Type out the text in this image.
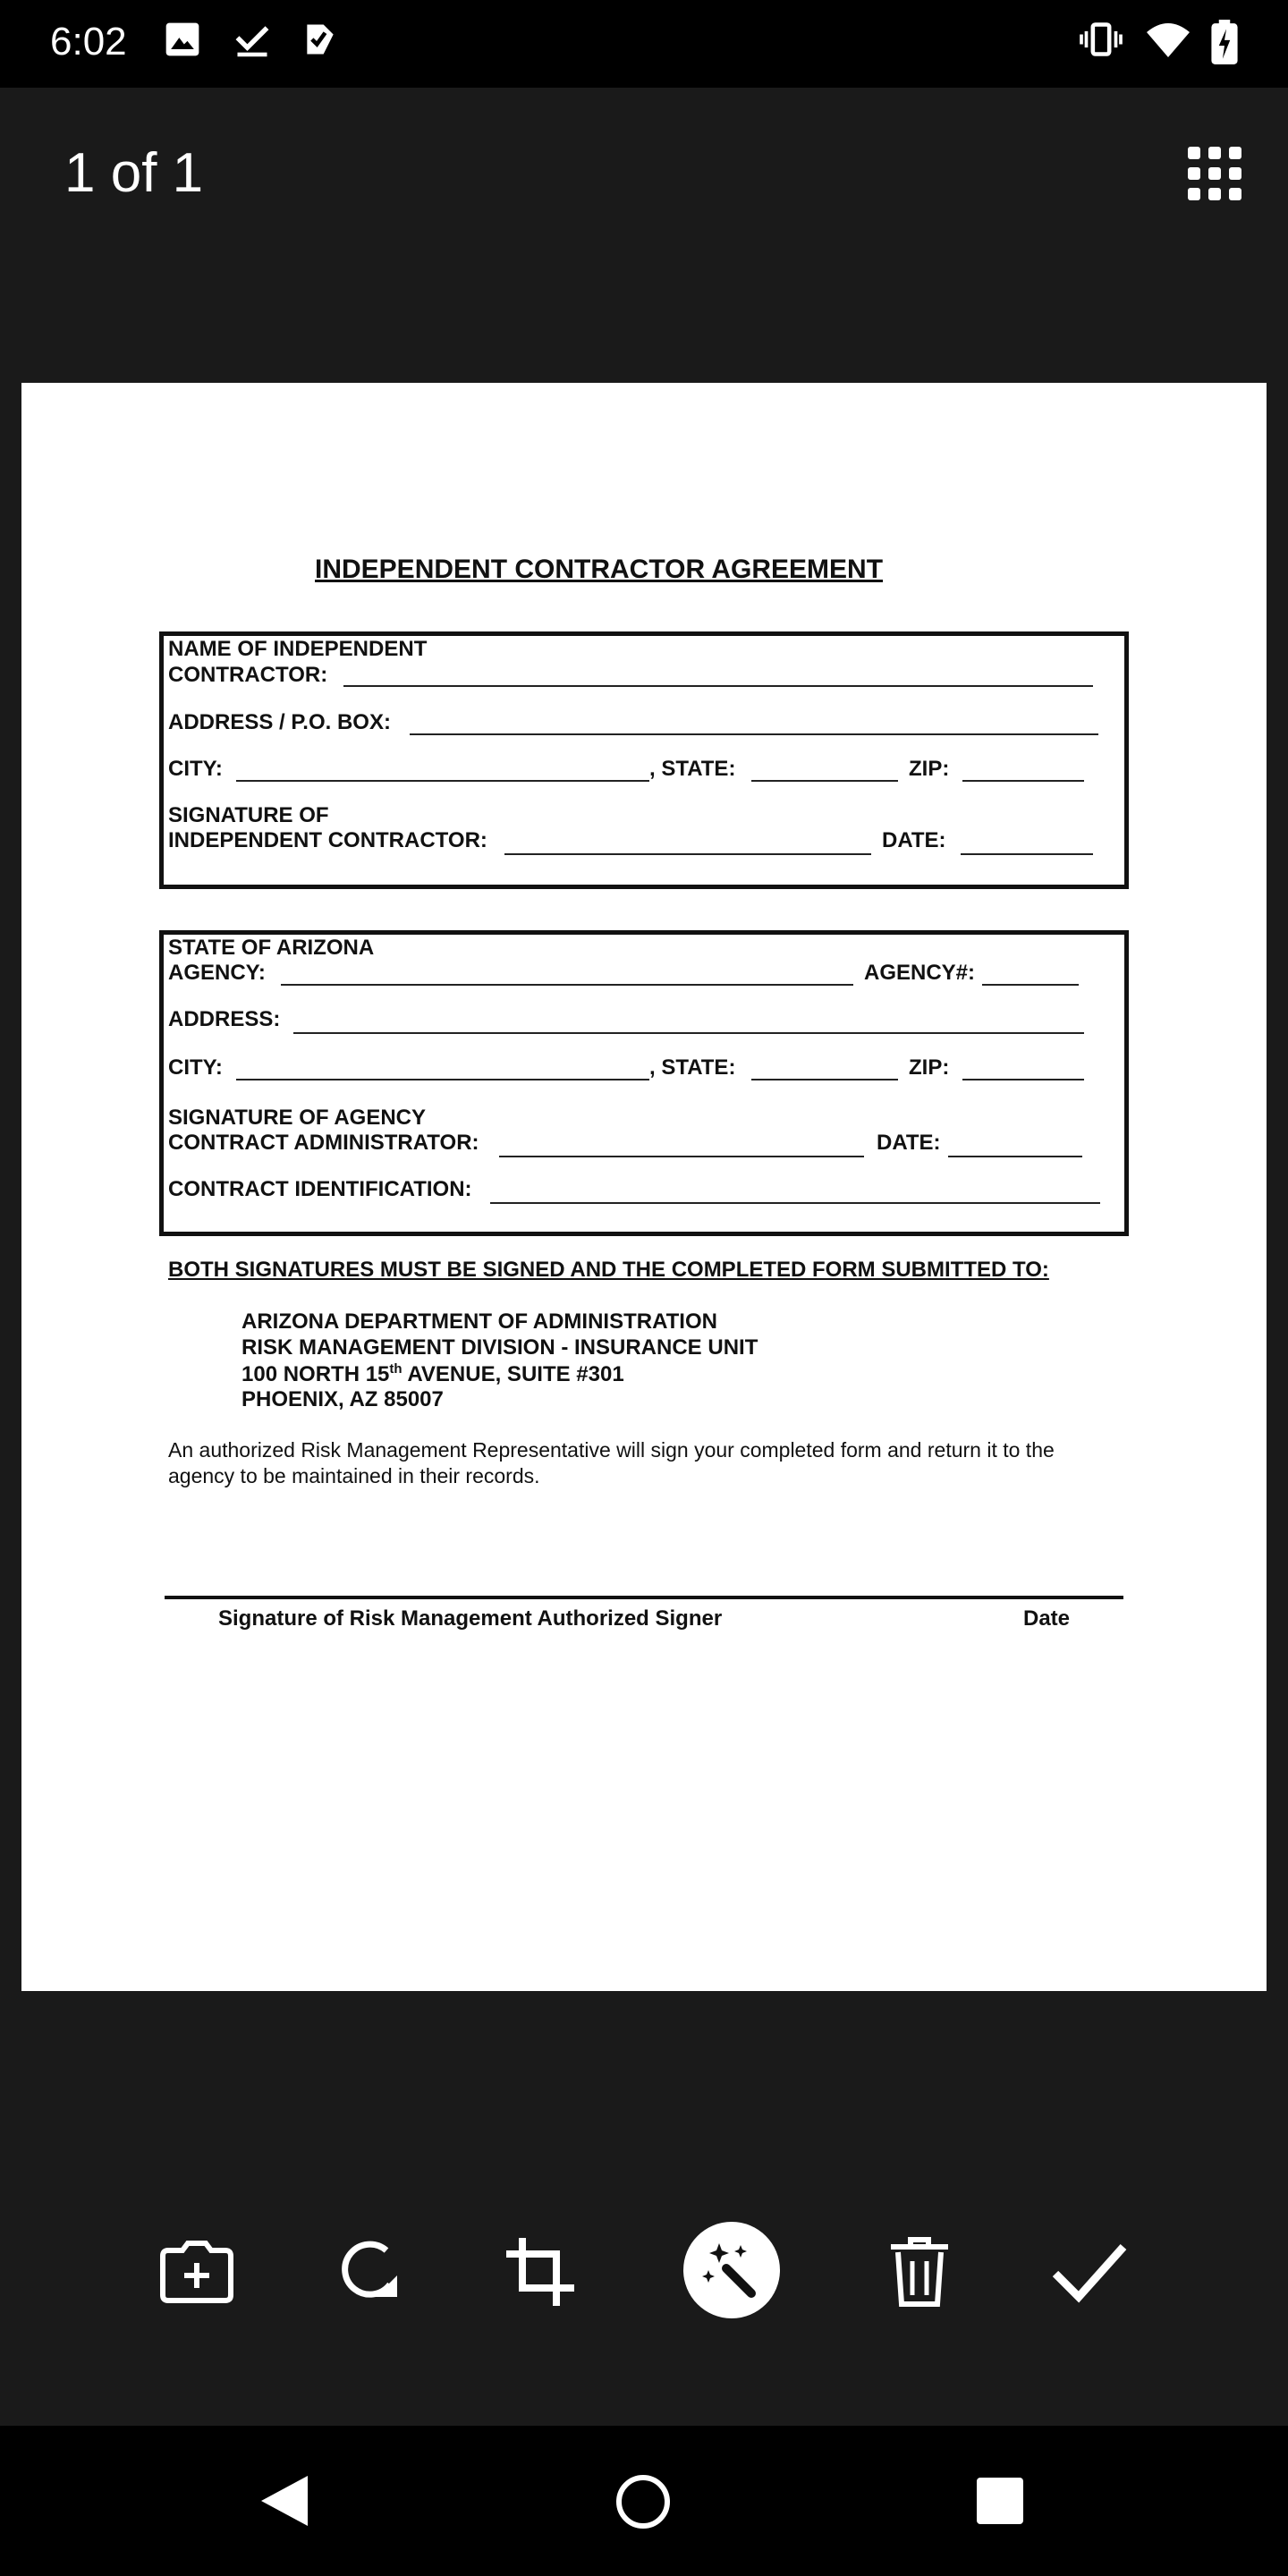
6:02
1 of 1
INDEPENDENT CONTRACTOR AGREEMENT
NAME OF INDEPENDENT
CONTRACTOR:
ADDRESS / P.O. BOX:
CITY:	, STATE:	ZIP:
SIGNATURE OF
INDEPENDENT CONTRACTOR:	DATE:
STATE OF ARIZONA
AGENCY:	AGENCY#:
ADDRESS:
CITY:	, STATE:	ZIP:
SIGNATURE OF AGENCY
CONTRACT ADMINISTRATOR:	DATE:
CONTRACT IDENTIFICATION:
BOTH SIGNATURES MUST BE SIGNED AND THE COMPLETED FORM SUBMITTED TO:
ARIZONA DEPARTMENT OF ADMINISTRATION
RISK MANAGEMENT DIVISION - INSURANCE UNIT
100 NORTH 15th AVENUE, SUITE #301
PHOENIX, AZ 85007
An authorized Risk Management Representative will sign your completed form and return it to the
agency to be maintained in their records.
Signature of Risk Management Authorized Signer	Date
